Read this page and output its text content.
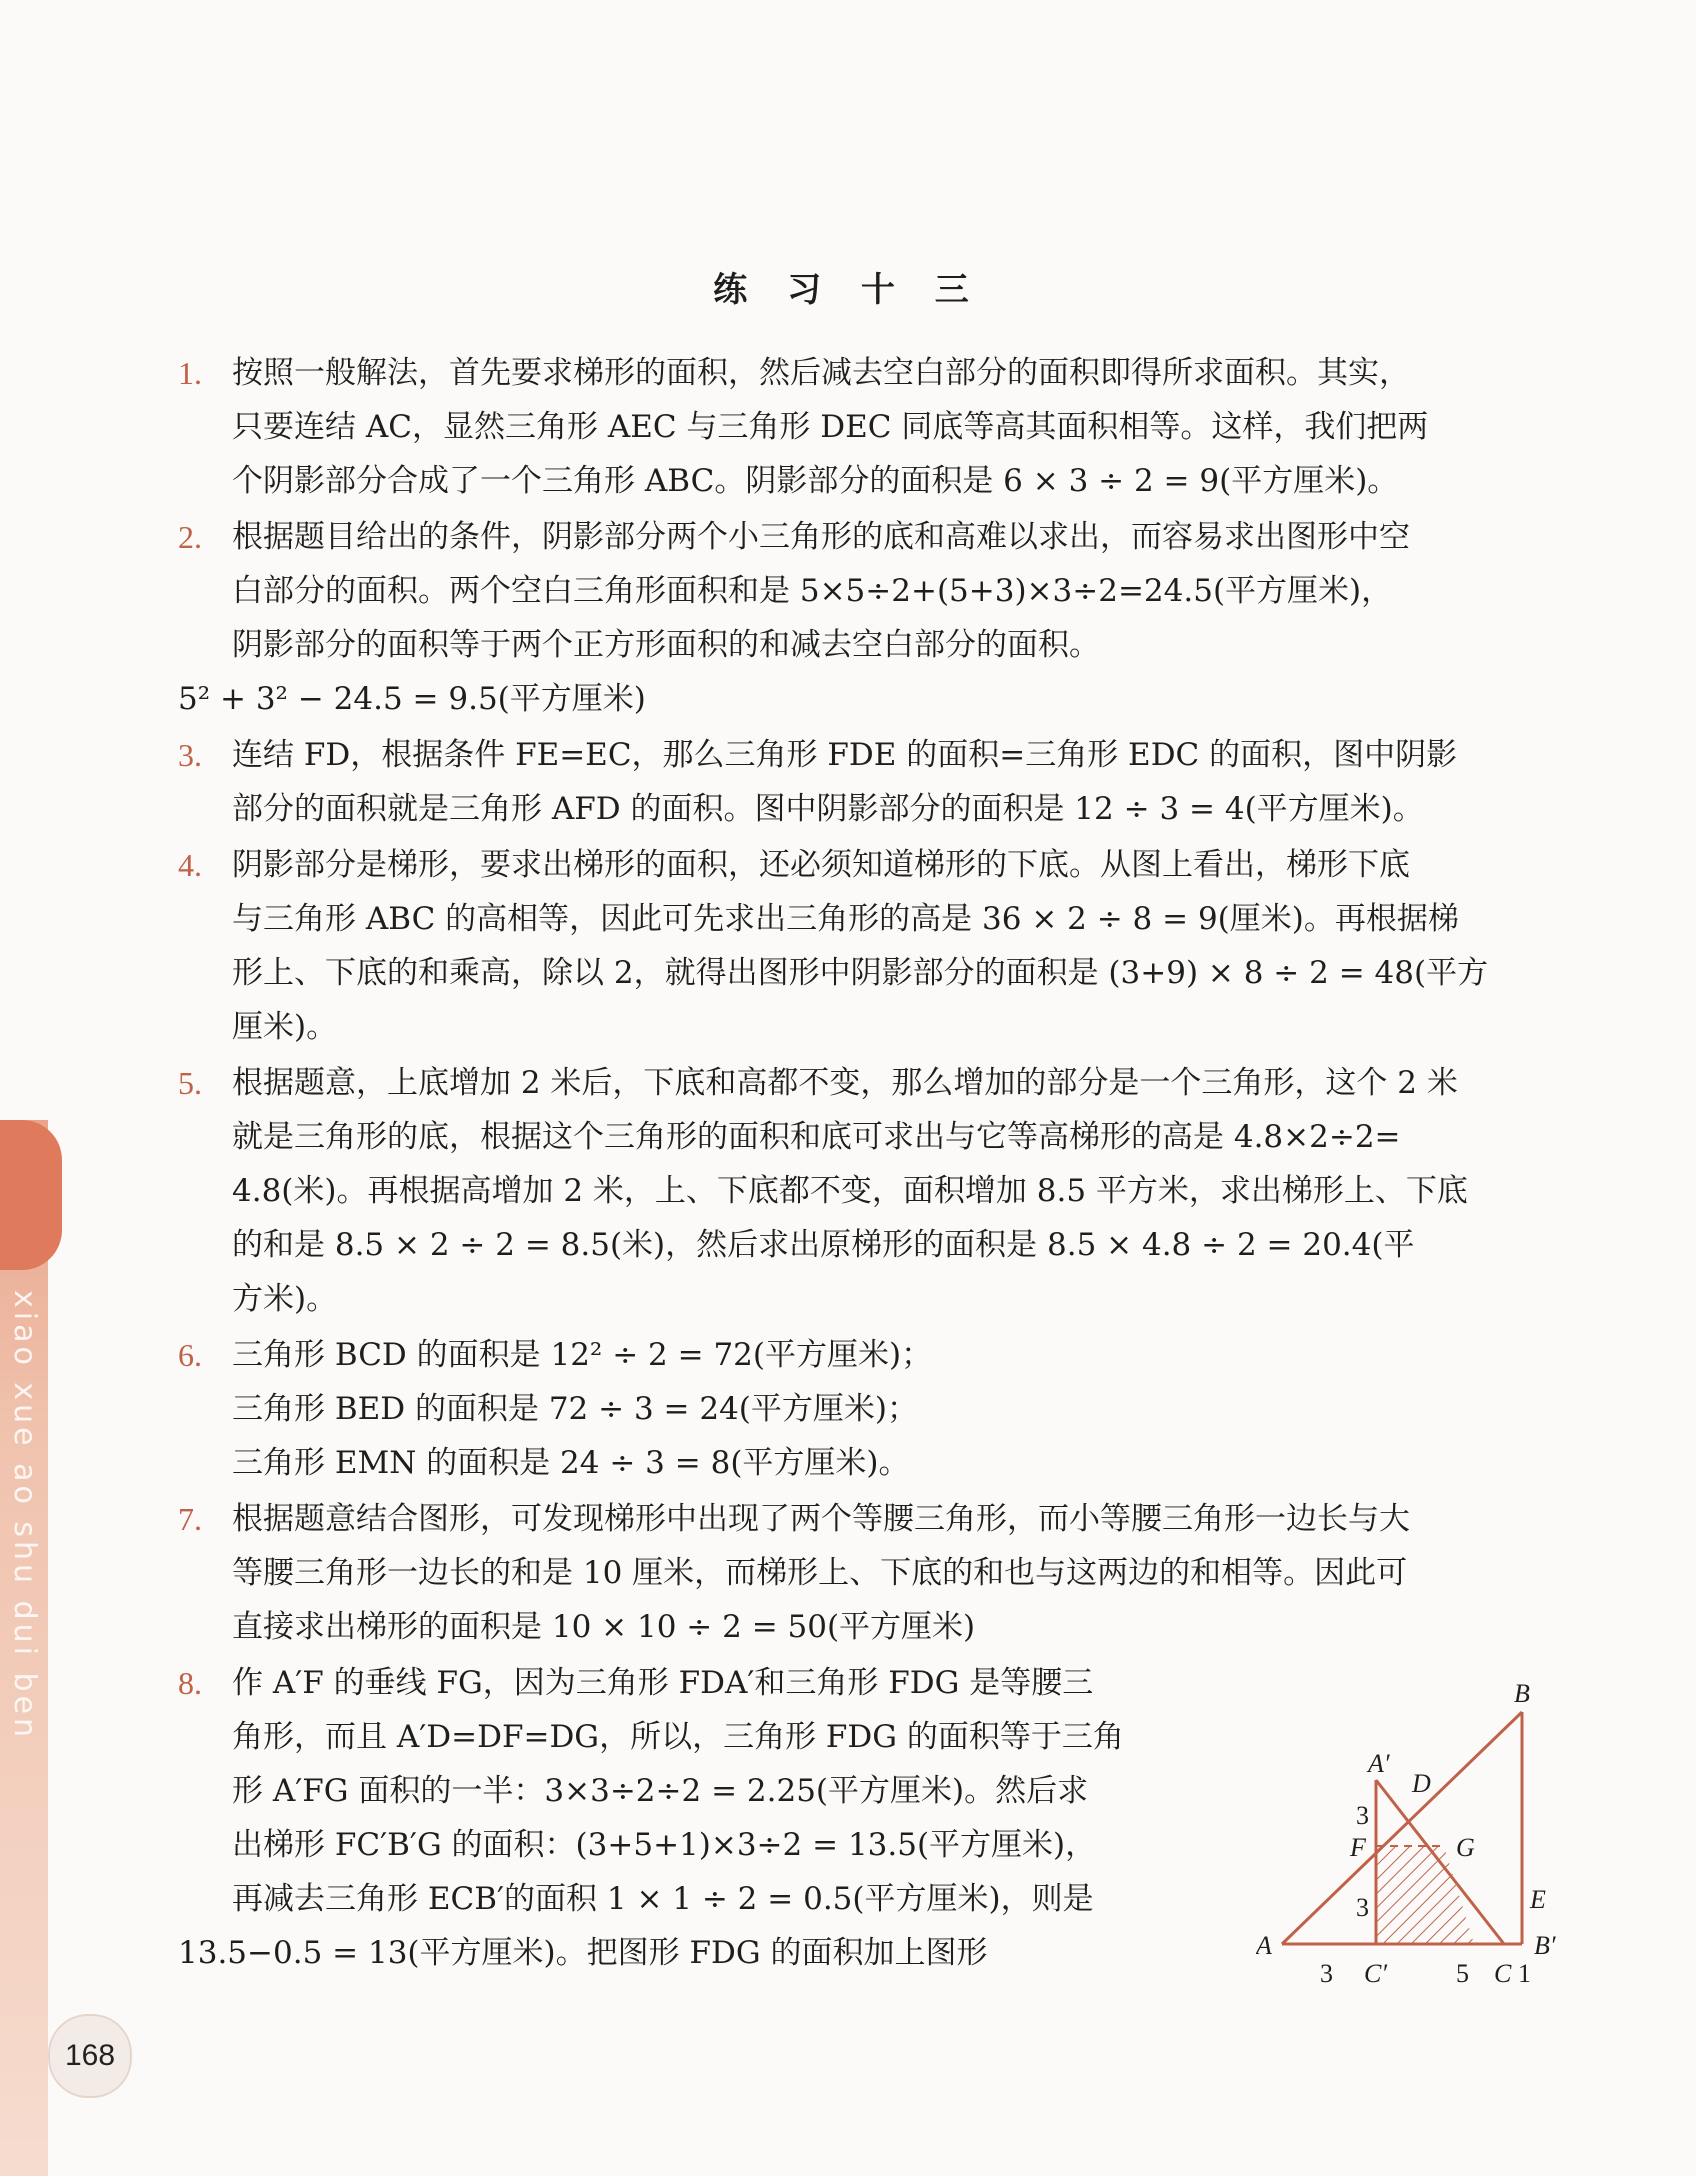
xiao xue ao shu dui ben
练 习 十 三
1. 按照一般解法，首先要求梯形的面积，然后减去空白部分的面积即得所求面积。其实，
只要连结 AC，显然三角形 AEC 与三角形 DEC 同底等高其面积相等。这样，我们把两
个阴影部分合成了一个三角形 ABC。阴影部分的面积是 6 × 3 ÷ 2 = 9(平方厘米)。
2. 根据题目给出的条件，阴影部分两个小三角形的底和高难以求出，而容易求出图形中空
白部分的面积。两个空白三角形面积和是 5×5÷2+(5+3)×3÷2=24.5(平方厘米)，
阴影部分的面积等于两个正方形面积的和减去空白部分的面积。
5² + 3² − 24.5 = 9.5(平方厘米)
3. 连结 FD，根据条件 FE=EC，那么三角形 FDE 的面积=三角形 EDC 的面积，图中阴影
部分的面积就是三角形 AFD 的面积。图中阴影部分的面积是 12 ÷ 3 = 4(平方厘米)。
4. 阴影部分是梯形，要求出梯形的面积，还必须知道梯形的下底。从图上看出，梯形下底
与三角形 ABC 的高相等，因此可先求出三角形的高是 36 × 2 ÷ 8 = 9(厘米)。再根据梯
形上、下底的和乘高，除以 2，就得出图形中阴影部分的面积是 (3+9) × 8 ÷ 2 = 48(平方
厘米)。
5. 根据题意，上底增加 2 米后，下底和高都不变，那么增加的部分是一个三角形，这个 2 米
就是三角形的底，根据这个三角形的面积和底可求出与它等高梯形的高是 4.8×2÷2=
4.8(米)。再根据高增加 2 米，上、下底都不变，面积增加 8.5 平方米，求出梯形上、下底
的和是 8.5 × 2 ÷ 2 = 8.5(米)，然后求出原梯形的面积是 8.5 × 4.8 ÷ 2 = 20.4(平
方米)。
6. 三角形 BCD 的面积是 12² ÷ 2 = 72(平方厘米)；
三角形 BED 的面积是 72 ÷ 3 = 24(平方厘米)；
三角形 EMN 的面积是 24 ÷ 3 = 8(平方厘米)。
7. 根据题意结合图形，可发现梯形中出现了两个等腰三角形，而小等腰三角形一边长与大
等腰三角形一边长的和是 10 厘米，而梯形上、下底的和也与这两边的和相等。因此可
直接求出梯形的面积是 10 × 10 ÷ 2 = 50(平方厘米)
8. 作 A′F 的垂线 FG，因为三角形 FDA′和三角形 FDG 是等腰三
角形，而且 A′D=DF=DG，所以，三角形 FDG 的面积等于三角
形 A′FG 面积的一半：3×3÷2÷2 = 2.25(平方厘米)。然后求
出梯形 FC′B′G 的面积：(3+5+1)×3÷2 = 13.5(平方厘米)，
再减去三角形 ECB′的面积 1 × 1 ÷ 2 = 0.5(平方厘米)，则是
13.5−0.5 = 13(平方厘米)。把图形 FDG 的面积加上图形
B
A′
D
3
F	G
3	E
A	B′
3 C′	5 C 1
168
